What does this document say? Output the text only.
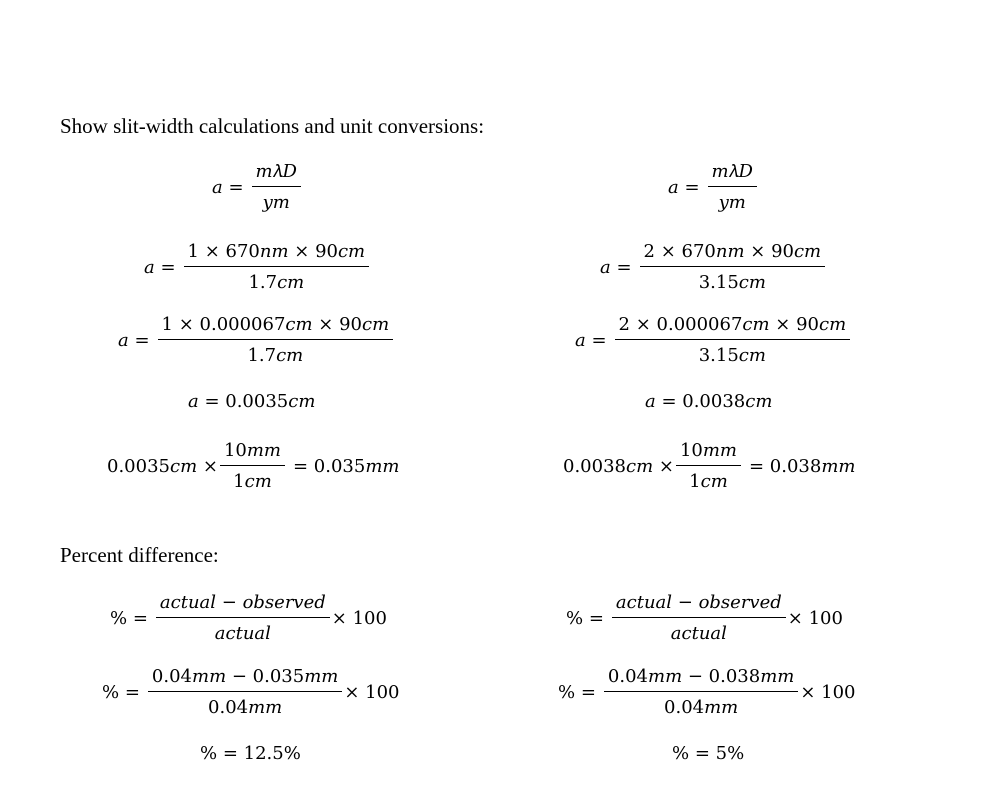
Show slit-width calculations and unit conversions:
Percent difference:
𝑎 = $\frac{\text{𝑚𝜆𝐷}}{\text{𝑦𝑚}}$
𝑎 = $\frac{\text{1 × 670𝑛𝑚 × 90𝑐𝑚}}{\text{1.7𝑐𝑚}}$
𝑎 = $\frac{\text{1 × 0.000067𝑐𝑚 × 90𝑐𝑚}}{\text{1.7𝑐𝑚}}$
𝑎 = 0.0035𝑐𝑚
0.0035𝑐𝑚 × $\frac{\text{10𝑚𝑚}}{\text{1𝑐𝑚}}$ = 0.035𝑚𝑚
% = $\frac{\text{𝑎𝑐𝑡𝑢𝑎𝑙 − 𝑜𝑏𝑠𝑒𝑟𝑣𝑒𝑑}}{\text{𝑎𝑐𝑡𝑢𝑎𝑙}} \times 100$
% = $\frac{\text{0.04𝑚𝑚 − 0.035𝑚𝑚}}{\text{0.04𝑚𝑚}} \times 100$
% = 12.5%
𝑎 = $\frac{\text{𝑚𝜆𝐷}}{\text{𝑦𝑚}}$
𝑎 = $\frac{\text{2 × 670𝑛𝑚 × 90𝑐𝑚}}{\text{3.15𝑐𝑚}}$
𝑎 = $\frac{\text{2 × 0.000067𝑐𝑚 × 90𝑐𝑚}}{\text{3.15𝑐𝑚}}$
𝑎 = 0.0038𝑐𝑚
0.0038𝑐𝑚 × $\frac{\text{10𝑚𝑚}}{\text{1𝑐𝑚}}$ = 0.038𝑚𝑚
% = $\frac{\text{𝑎𝑐𝑡𝑢𝑎𝑙 − 𝑜𝑏𝑠𝑒𝑟𝑣𝑒𝑑}}{\text{𝑎𝑐𝑡𝑢𝑎𝑙}} \times 100$
% = $\frac{\text{0.04𝑚𝑚 − 0.038𝑚𝑚}}{\text{0.04𝑚𝑚}} \times 100$
% = 5%
